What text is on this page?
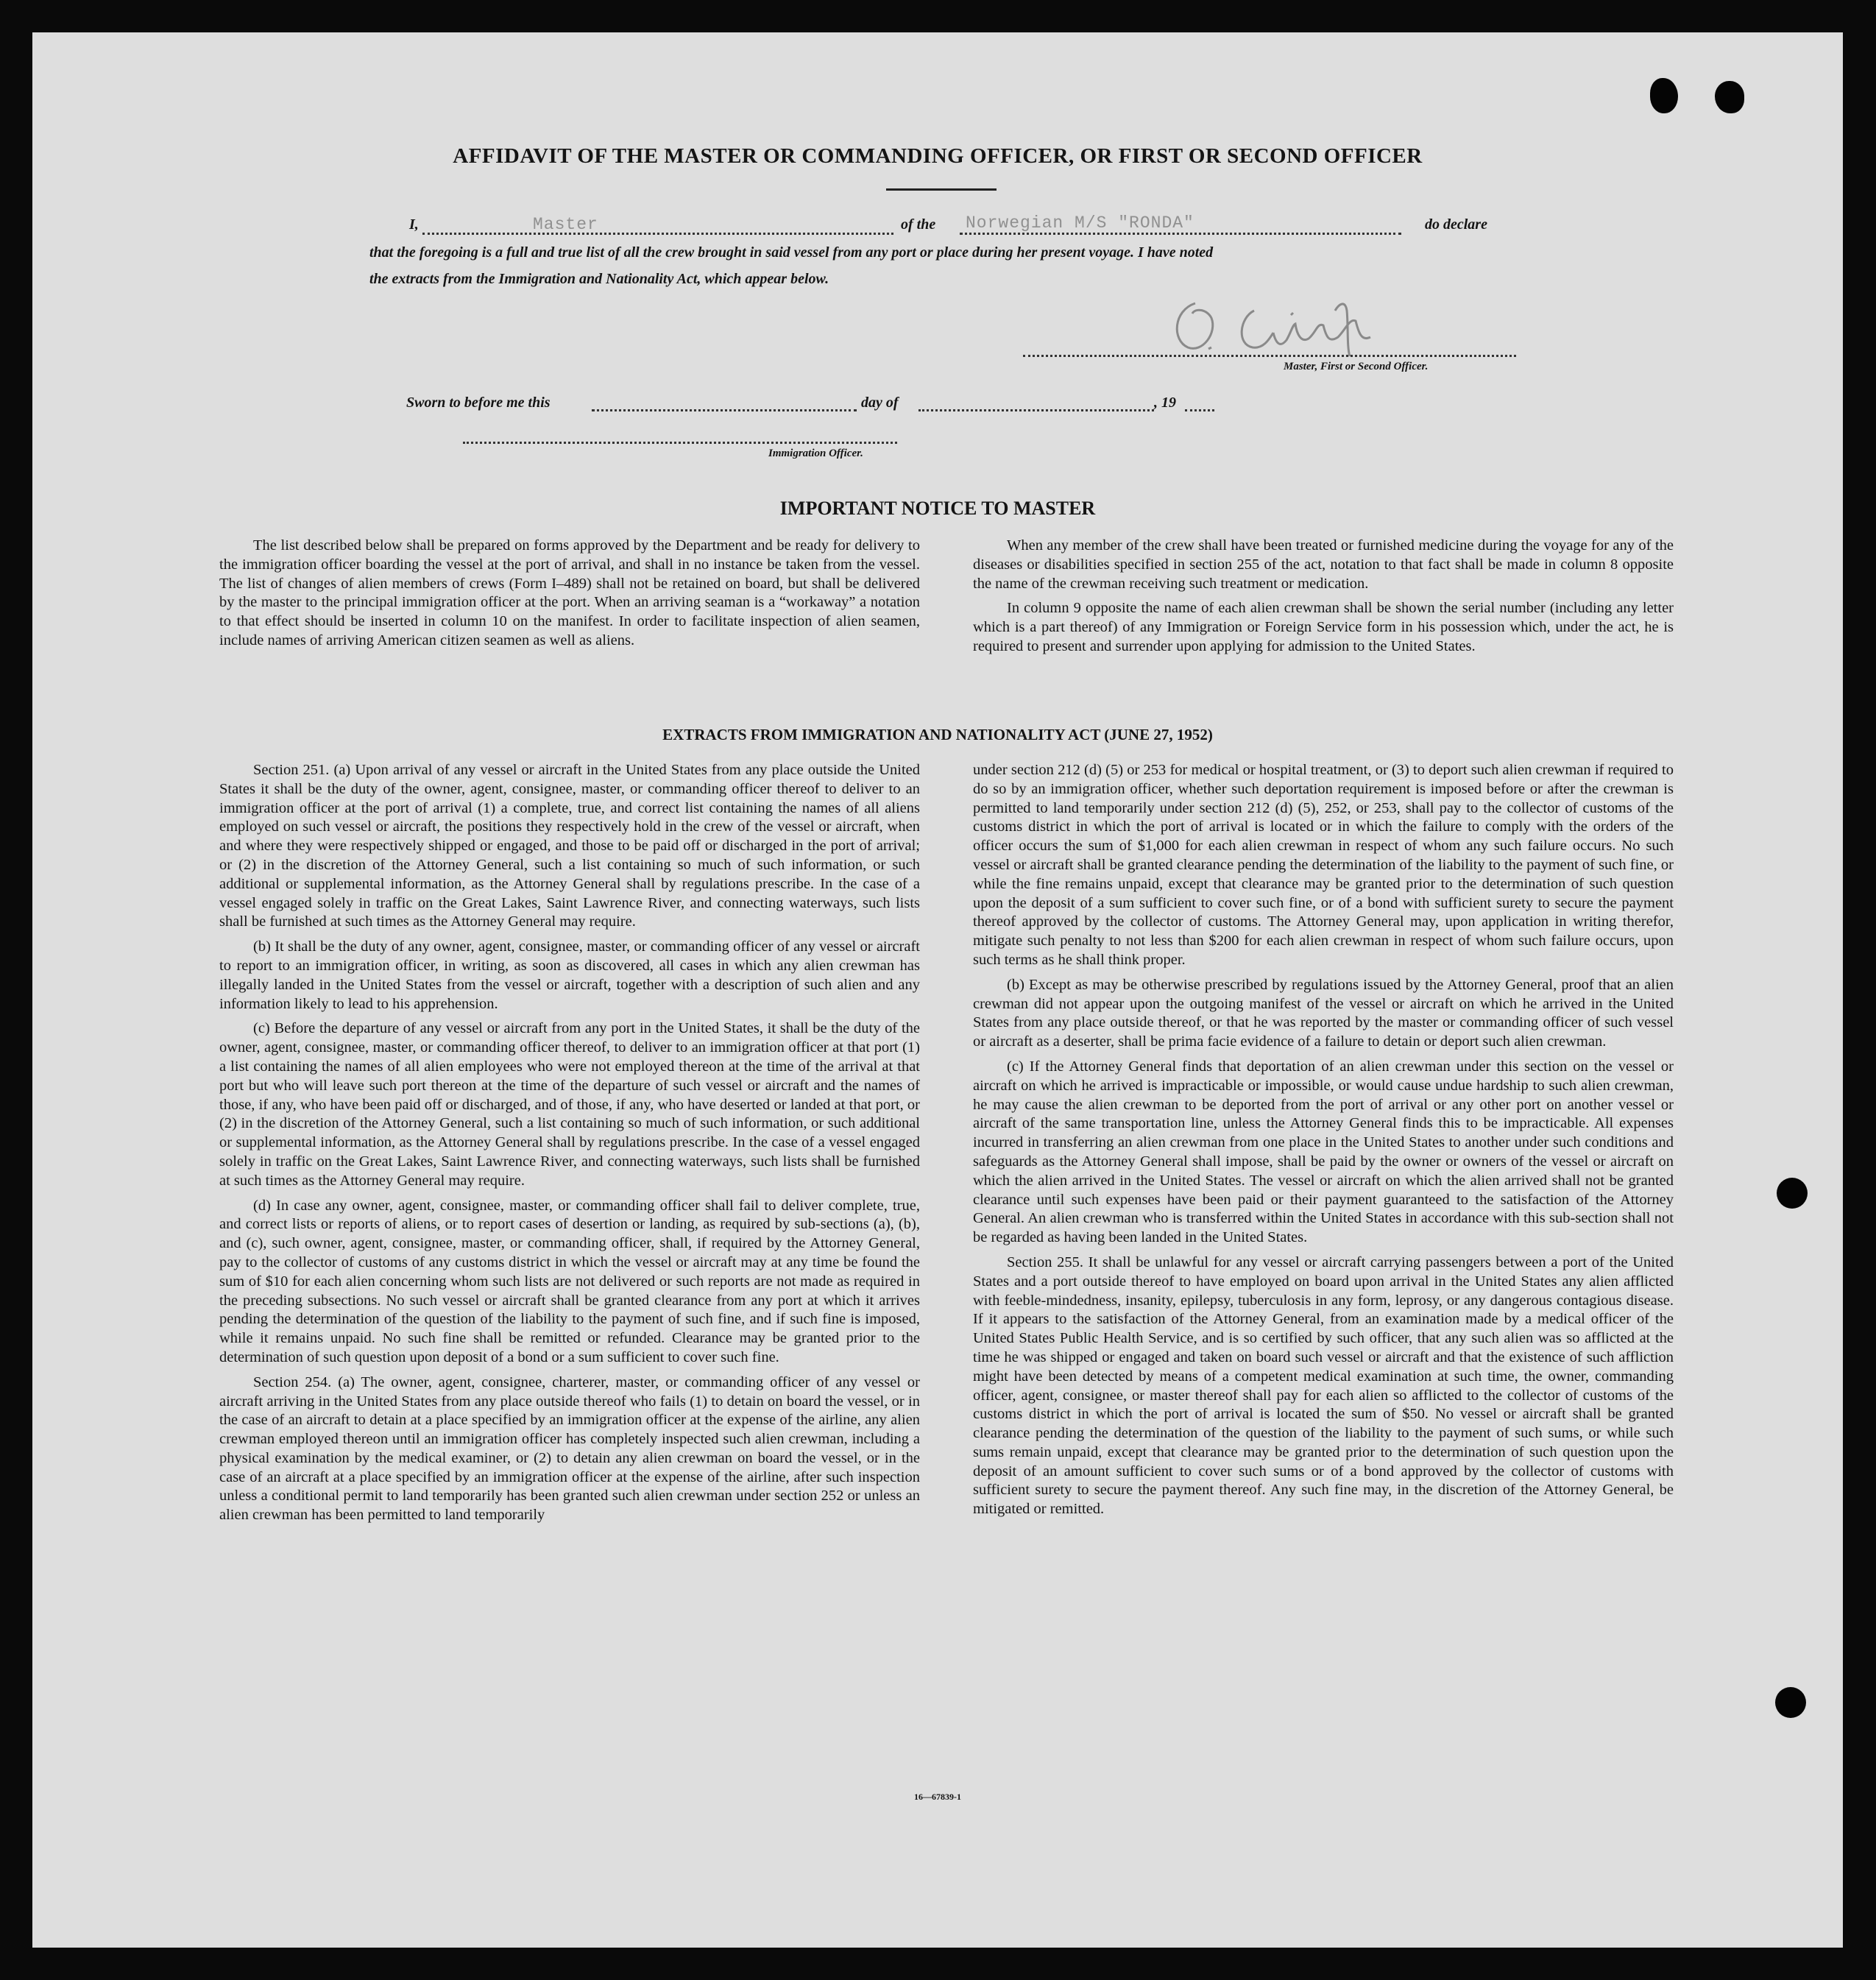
AFFIDAVIT OF THE MASTER OR COMMANDING OFFICER, OR FIRST OR SECOND OFFICER
I,	Master	of the Norwegian M/S "RONDA"	do declare
that the foregoing is a full and true list of all the crew brought in said vessel from any port or place during her present voyage. I have noted
the extracts from the Immigration and Nationality Act, which appear below.
Master, First or Second Officer.
Sworn to before me this	day of	, 19
Immigration Officer.
IMPORTANT NOTICE TO MASTER

The list described below shall be prepared on forms approved by the Department and be ready for delivery to the immigration officer boarding the vessel at the port of arrival, and shall in no instance be taken from the vessel. The list of changes of alien members of crews (Form I–489) shall not be retained on board, but shall be delivered by the master to the principal immigration officer at the port. When an arriving seaman is a “workaway” a notation to that effect should be inserted in column 10 on the manifest. In order to facilitate inspection of alien seamen, include names of arriving American citizen seamen as well as aliens.

When any member of the crew shall have been treated or furnished medicine during the voyage for any of the diseases or disabilities specified in section 255 of the act, notation to that fact shall be made in column 8 opposite the name of the crewman receiving such treatment or medication.

In column 9 opposite the name of each alien crewman shall be shown the serial number (including any letter which is a part thereof) of any Immigration or Foreign Service form in his possession which, under the act, he is required to present and surrender upon applying for admission to the United States.

EXTRACTS FROM IMMIGRATION AND NATIONALITY ACT (JUNE 27, 1952)

Section 251. (a) Upon arrival of any vessel or aircraft in the United States from any place outside the United States it shall be the duty of the owner, agent, consignee, master, or commanding officer thereof to deliver to an immigration officer at the port of arrival (1) a complete, true, and correct list containing the names of all aliens employed on such vessel or aircraft, the positions they respectively hold in the crew of the vessel or aircraft, when and where they were respectively shipped or engaged, and those to be paid off or discharged in the port of arrival; or (2) in the discretion of the Attorney General, such a list containing so much of such information, or such additional or supplemental information, as the Attorney General shall by regulations prescribe. In the case of a vessel engaged solely in traffic on the Great Lakes, Saint Lawrence River, and connecting waterways, such lists shall be furnished at such times as the Attorney General may require.

(b) It shall be the duty of any owner, agent, consignee, master, or commanding officer of any vessel or aircraft to report to an immigration officer, in writing, as soon as discovered, all cases in which any alien crewman has illegally landed in the United States from the vessel or aircraft, together with a description of such alien and any information likely to lead to his apprehension.

(c) Before the departure of any vessel or aircraft from any port in the United States, it shall be the duty of the owner, agent, consignee, master, or commanding officer thereof, to deliver to an immigration officer at that port (1) a list containing the names of all alien employees who were not employed thereon at the time of the arrival at that port but who will leave such port thereon at the time of the departure of such vessel or aircraft and the names of those, if any, who have been paid off or discharged, and of those, if any, who have deserted or landed at that port, or (2) in the discretion of the Attorney General, such a list containing so much of such information, or such additional or supplemental information, as the Attorney General shall by regulations prescribe. In the case of a vessel engaged solely in traffic on the Great Lakes, Saint Lawrence River, and connecting waterways, such lists shall be furnished at such times as the Attorney General may require.

(d) In case any owner, agent, consignee, master, or commanding officer shall fail to deliver complete, true, and correct lists or reports of aliens, or to report cases of desertion or landing, as required by sub-sections (a), (b), and (c), such owner, agent, consignee, master, or commanding officer, shall, if required by the Attorney General, pay to the collector of customs of any customs district in which the vessel or aircraft may at any time be found the sum of $10 for each alien concerning whom such lists are not delivered or such reports are not made as required in the preceding subsections. No such vessel or aircraft shall be granted clearance from any port at which it arrives pending the determination of the question of the liability to the payment of such fine, and if such fine is imposed, while it remains unpaid. No such fine shall be remitted or refunded. Clearance may be granted prior to the determination of such question upon deposit of a bond or a sum sufficient to cover such fine.

Section 254. (a) The owner, agent, consignee, charterer, master, or commanding officer of any vessel or aircraft arriving in the United States from any place outside thereof who fails (1) to detain on board the vessel, or in the case of an aircraft to detain at a place specified by an immigration officer at the expense of the airline, any alien crewman employed thereon until an immigration officer has completely inspected such alien crewman, including a physical examination by the medical examiner, or (2) to detain any alien crewman on board the vessel, or in the case of an aircraft at a place specified by an immigration officer at the expense of the airline, after such inspection unless a conditional permit to land temporarily has been granted such alien crewman under section 252 or unless an alien crewman has been permitted to land temporarily

under section 212 (d) (5) or 253 for medical or hospital treatment, or (3) to deport such alien crewman if required to do so by an immigration officer, whether such deportation requirement is imposed before or after the crewman is permitted to land temporarily under section 212 (d) (5), 252, or 253, shall pay to the collector of customs of the customs district in which the port of arrival is located or in which the failure to comply with the orders of the officer occurs the sum of $1,000 for each alien crewman in respect of whom any such failure occurs. No such vessel or aircraft shall be granted clearance pending the determination of the liability to the payment of such fine, or while the fine remains unpaid, except that clearance may be granted prior to the determination of such question upon the deposit of a sum sufficient to cover such fine, or of a bond with sufficient surety to secure the payment thereof approved by the collector of customs. The Attorney General may, upon application in writing therefor, mitigate such penalty to not less than $200 for each alien crewman in respect of whom such failure occurs, upon such terms as he shall think proper.

(b) Except as may be otherwise prescribed by regulations issued by the Attorney General, proof that an alien crewman did not appear upon the outgoing manifest of the vessel or aircraft on which he arrived in the United States from any place outside thereof, or that he was reported by the master or commanding officer of such vessel or aircraft as a deserter, shall be prima facie evidence of a failure to detain or deport such alien crewman.

(c) If the Attorney General finds that deportation of an alien crewman under this section on the vessel or aircraft on which he arrived is impracticable or impossible, or would cause undue hardship to such alien crewman, he may cause the alien crewman to be deported from the port of arrival or any other port on another vessel or aircraft of the same transportation line, unless the Attorney General finds this to be impracticable. All expenses incurred in transferring an alien crewman from one place in the United States to another under such conditions and safeguards as the Attorney General shall impose, shall be paid by the owner or owners of the vessel or aircraft on which the alien arrived in the United States. The vessel or aircraft on which the alien arrived shall not be granted clearance until such expenses have been paid or their payment guaranteed to the satisfaction of the Attorney General. An alien crewman who is transferred within the United States in accordance with this sub-section shall not be regarded as having been landed in the United States.

Section 255. It shall be unlawful for any vessel or aircraft carrying passengers between a port of the United States and a port outside thereof to have employed on board upon arrival in the United States any alien afflicted with feeble-mindedness, insanity, epilepsy, tuberculosis in any form, leprosy, or any dangerous contagious disease. If it appears to the satisfaction of the Attorney General, from an examination made by a medical officer of the United States Public Health Service, and is so certified by such officer, that any such alien was so afflicted at the time he was shipped or engaged and taken on board such vessel or aircraft and that the existence of such affliction might have been detected by means of a competent medical examination at such time, the owner, commanding officer, agent, consignee, or master thereof shall pay for each alien so afflicted to the collector of customs of the customs district in which the port of arrival is located the sum of $50. No vessel or aircraft shall be granted clearance pending the determination of the question of the liability to the payment of such sums, or while such sums remain unpaid, except that clearance may be granted prior to the determination of such question upon the deposit of an amount sufficient to cover such sums or of a bond approved by the collector of customs with sufficient surety to secure the payment thereof. Any such fine may, in the discretion of the Attorney General, be mitigated or remitted.

16—67839-1
